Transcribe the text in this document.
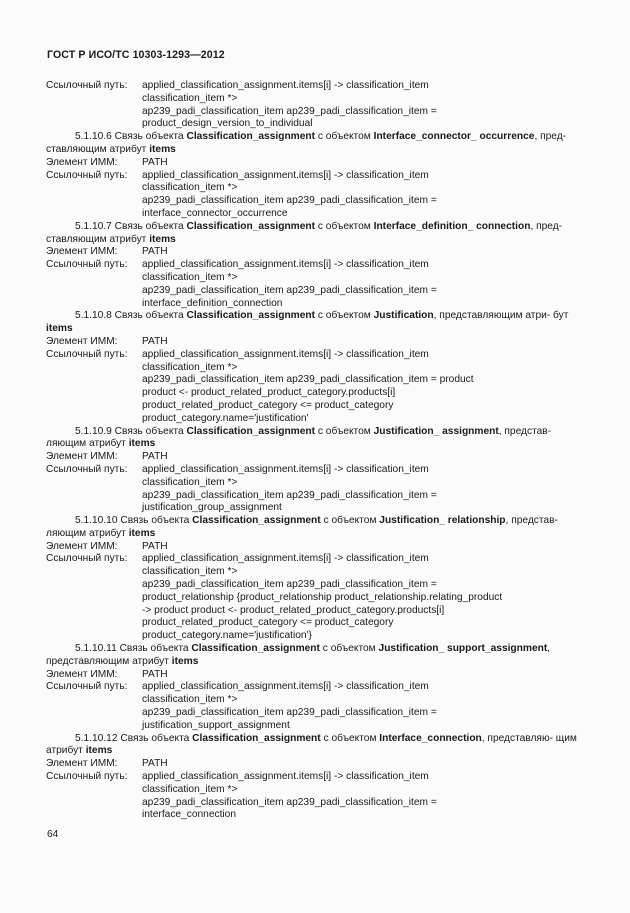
ГОСТ Р ИСО/ТС 10303-1293—2012
Ссылочный путь:	applied_classification_assignment.items[i] -> classification_item
classification_item *>
ap239_padi_classification_item ap239_padi_classification_item =
product_design_version_to_individual
5.1.10.6 Связь объекта Classification_assignment с объектом Interface_connector_ occurrence, пред- ставляющим атрибут items
Элемент ИММ:	PATH
Ссылочный путь:	applied_classification_assignment.items[i] -> classification_item
classification_item *>
ap239_padi_classification_item ap239_padi_classification_item =
interface_connector_occurrence
5.1.10.7 Связь объекта Classification_assignment с объектом Interface_definition_ connection, пред- ставляющим атрибут items
Элемент ИММ:	PATH
Ссылочный путь:	applied_classification_assignment.items[i] -> classification_item
classification_item *>
ap239_padi_classification_item ap239_padi_classification_item =
interface_definition_connection
5.1.10.8 Связь объекта Classification_assignment с объектом Justification, представляющим атри- бут items
Элемент ИММ:	PATH
Ссылочный путь:	applied_classification_assignment.items[i] -> classification_item
classification_item *>
ap239_padi_classification_item ap239_padi_classification_item = product
product <- product_related_product_category.products[i]
product_related_product_category <= product_category
product_category.name='justification'
5.1.10.9 Связь объекта Classification_assignment с объектом Justification_ assignment, представ- ляющим атрибут items
Элемент ИММ:	PATH
Ссылочный путь:	applied_classification_assignment.items[i] -> classification_item
classification_item *>
ap239_padi_classification_item ap239_padi_classification_item =
justification_group_assignment
5.1.10.10 Связь объекта Classification_assignment с объектом Justification_ relationship, представ- ляющим атрибут items
Элемент ИММ:	PATH
Ссылочный путь:	applied_classification_assignment.items[i] -> classification_item
classification_item *>
ap239_padi_classification_item ap239_padi_classification_item =
product_relationship {product_relationship product_relationship.relating_product
-> product product <- product_related_product_category.products[i]
product_related_product_category <= product_category
product_category.name='justification'}
5.1.10.11 Связь объекта Classification_assignment с объектом Justification_ support_assignment, представляющим атрибут items
Элемент ИММ:	PATH
Ссылочный путь:	applied_classification_assignment.items[i] -> classification_item
classification_item *>
ap239_padi_classification_item ap239_padi_classification_item =
justification_support_assignment
5.1.10.12 Связь объекта Classification_assignment с объектом Interface_connection, представляю- щим атрибут items
Элемент ИММ:	PATH
Ссылочный путь:	applied_classification_assignment.items[i] -> classification_item
classification_item *>
ap239_padi_classification_item ap239_padi_classification_item =
interface_connection
64
